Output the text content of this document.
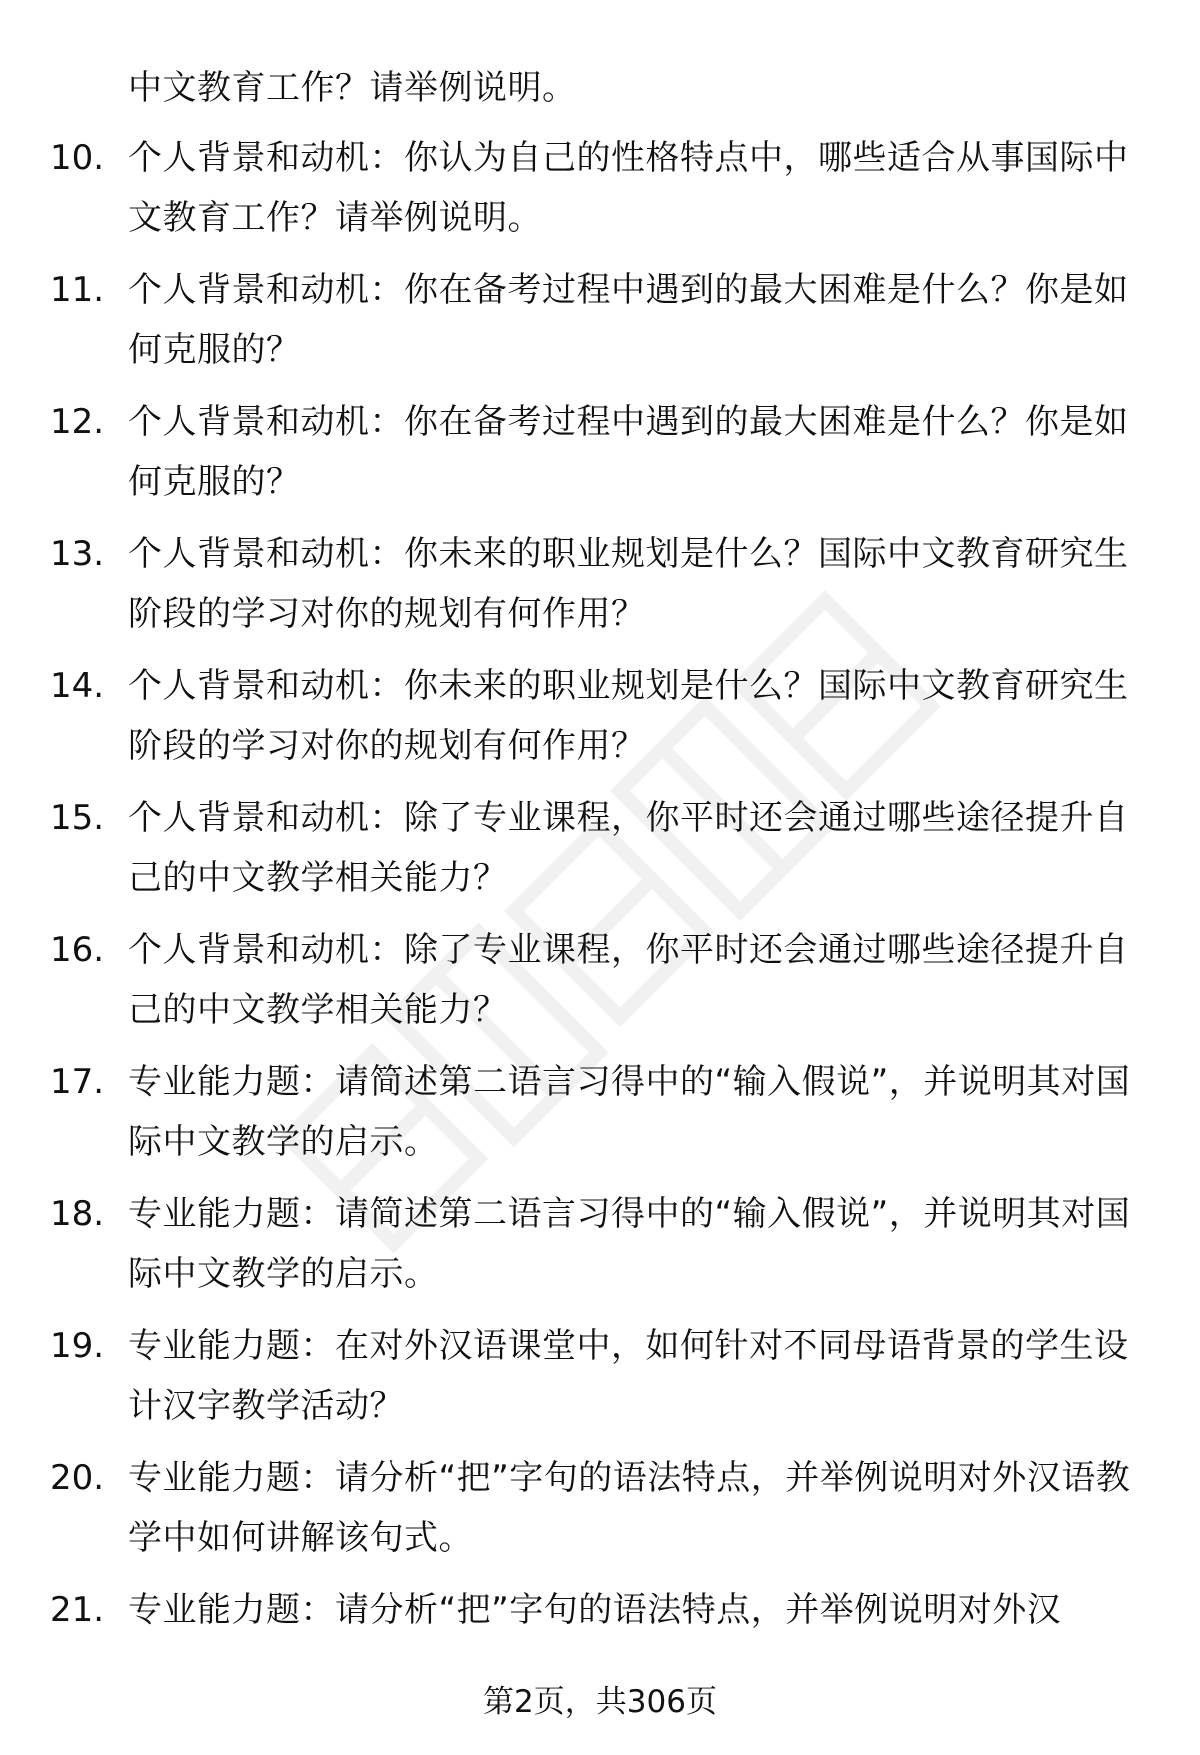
中文教育工作？请举例说明。
10. 个人背景和动机：你认为自己的性格特点中，哪些适合从事国际中文教育工作？请举例说明。
11. 个人背景和动机：你在备考过程中遇到的最大困难是什么？你是如何克服的？
12. 个人背景和动机：你在备考过程中遇到的最大困难是什么？你是如何克服的？
13. 个人背景和动机：你未来的职业规划是什么？国际中文教育研究生阶段的学习对你的规划有何作用？
14. 个人背景和动机：你未来的职业规划是什么？国际中文教育研究生阶段的学习对你的规划有何作用？
15. 个人背景和动机：除了专业课程，你平时还会通过哪些途径提升自己的中文教学相关能力？
16. 个人背景和动机：除了专业课程，你平时还会通过哪些途径提升自己的中文教学相关能力？
17. 专业能力题：请简述第二语言习得中的“输入假说”，并说明其对国际中文教学的启示。
18. 专业能力题：请简述第二语言习得中的“输入假说”，并说明其对国际中文教学的启示。
19. 专业能力题：在对外汉语课堂中，如何针对不同母语背景的学生设计汉字教学活动？
20. 专业能力题：请分析“把”字句的语法特点，并举例说明对外汉语教学中如何讲解该句式。
21. 专业能力题：请分析“把”字句的语法特点，并举例说明对外汉
第2页，共306页
